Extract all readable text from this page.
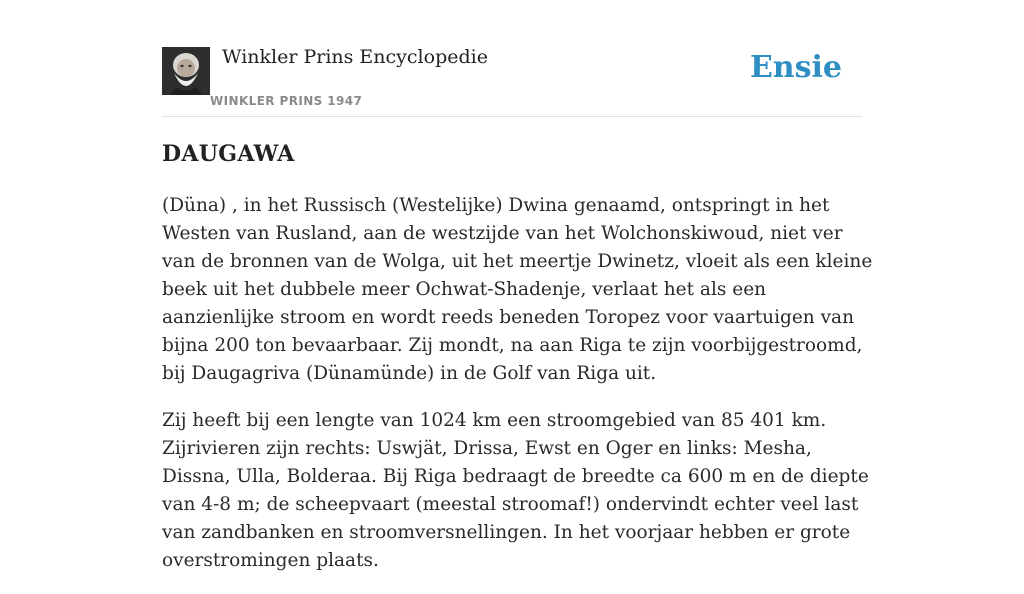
Winkler Prins Encyclopedie
WINKLER PRINS 1947
Ensie
DAUGAWA

(Düna) , in het Russisch (Westelijke) Dwina genaamd, ontspringt in het Westen van Rusland, aan de westzijde van het Wolchonskiwoud, niet ver van de bronnen van de Wolga, uit het meertje Dwinetz, vloeit als een kleine beek uit het dubbele meer Ochwat-Shadenje, verlaat het als een aanzienlijke stroom en wordt reeds beneden Toropez voor vaartuigen van bijna 200 ton bevaarbaar. Zij mondt, na aan Riga te zijn voorbijgestroomd, bij Daugagriva (Dünamünde) in de Golf van Riga uit.

Zij heeft bij een lengte van 1024 km een stroomgebied van 85 401 km. Zijrivieren zijn rechts: Uswjät, Drissa, Ewst en Oger en links: Mesha, Dissna, Ulla, Bolderaa. Bij Riga bedraagt de breedte ca 600 m en de diepte van 4-8 m; de scheepvaart (meestal stroomaf!) ondervindt echter veel last van zandbanken en stroomversnellingen. In het voorjaar hebben er grote overstromingen plaats.
